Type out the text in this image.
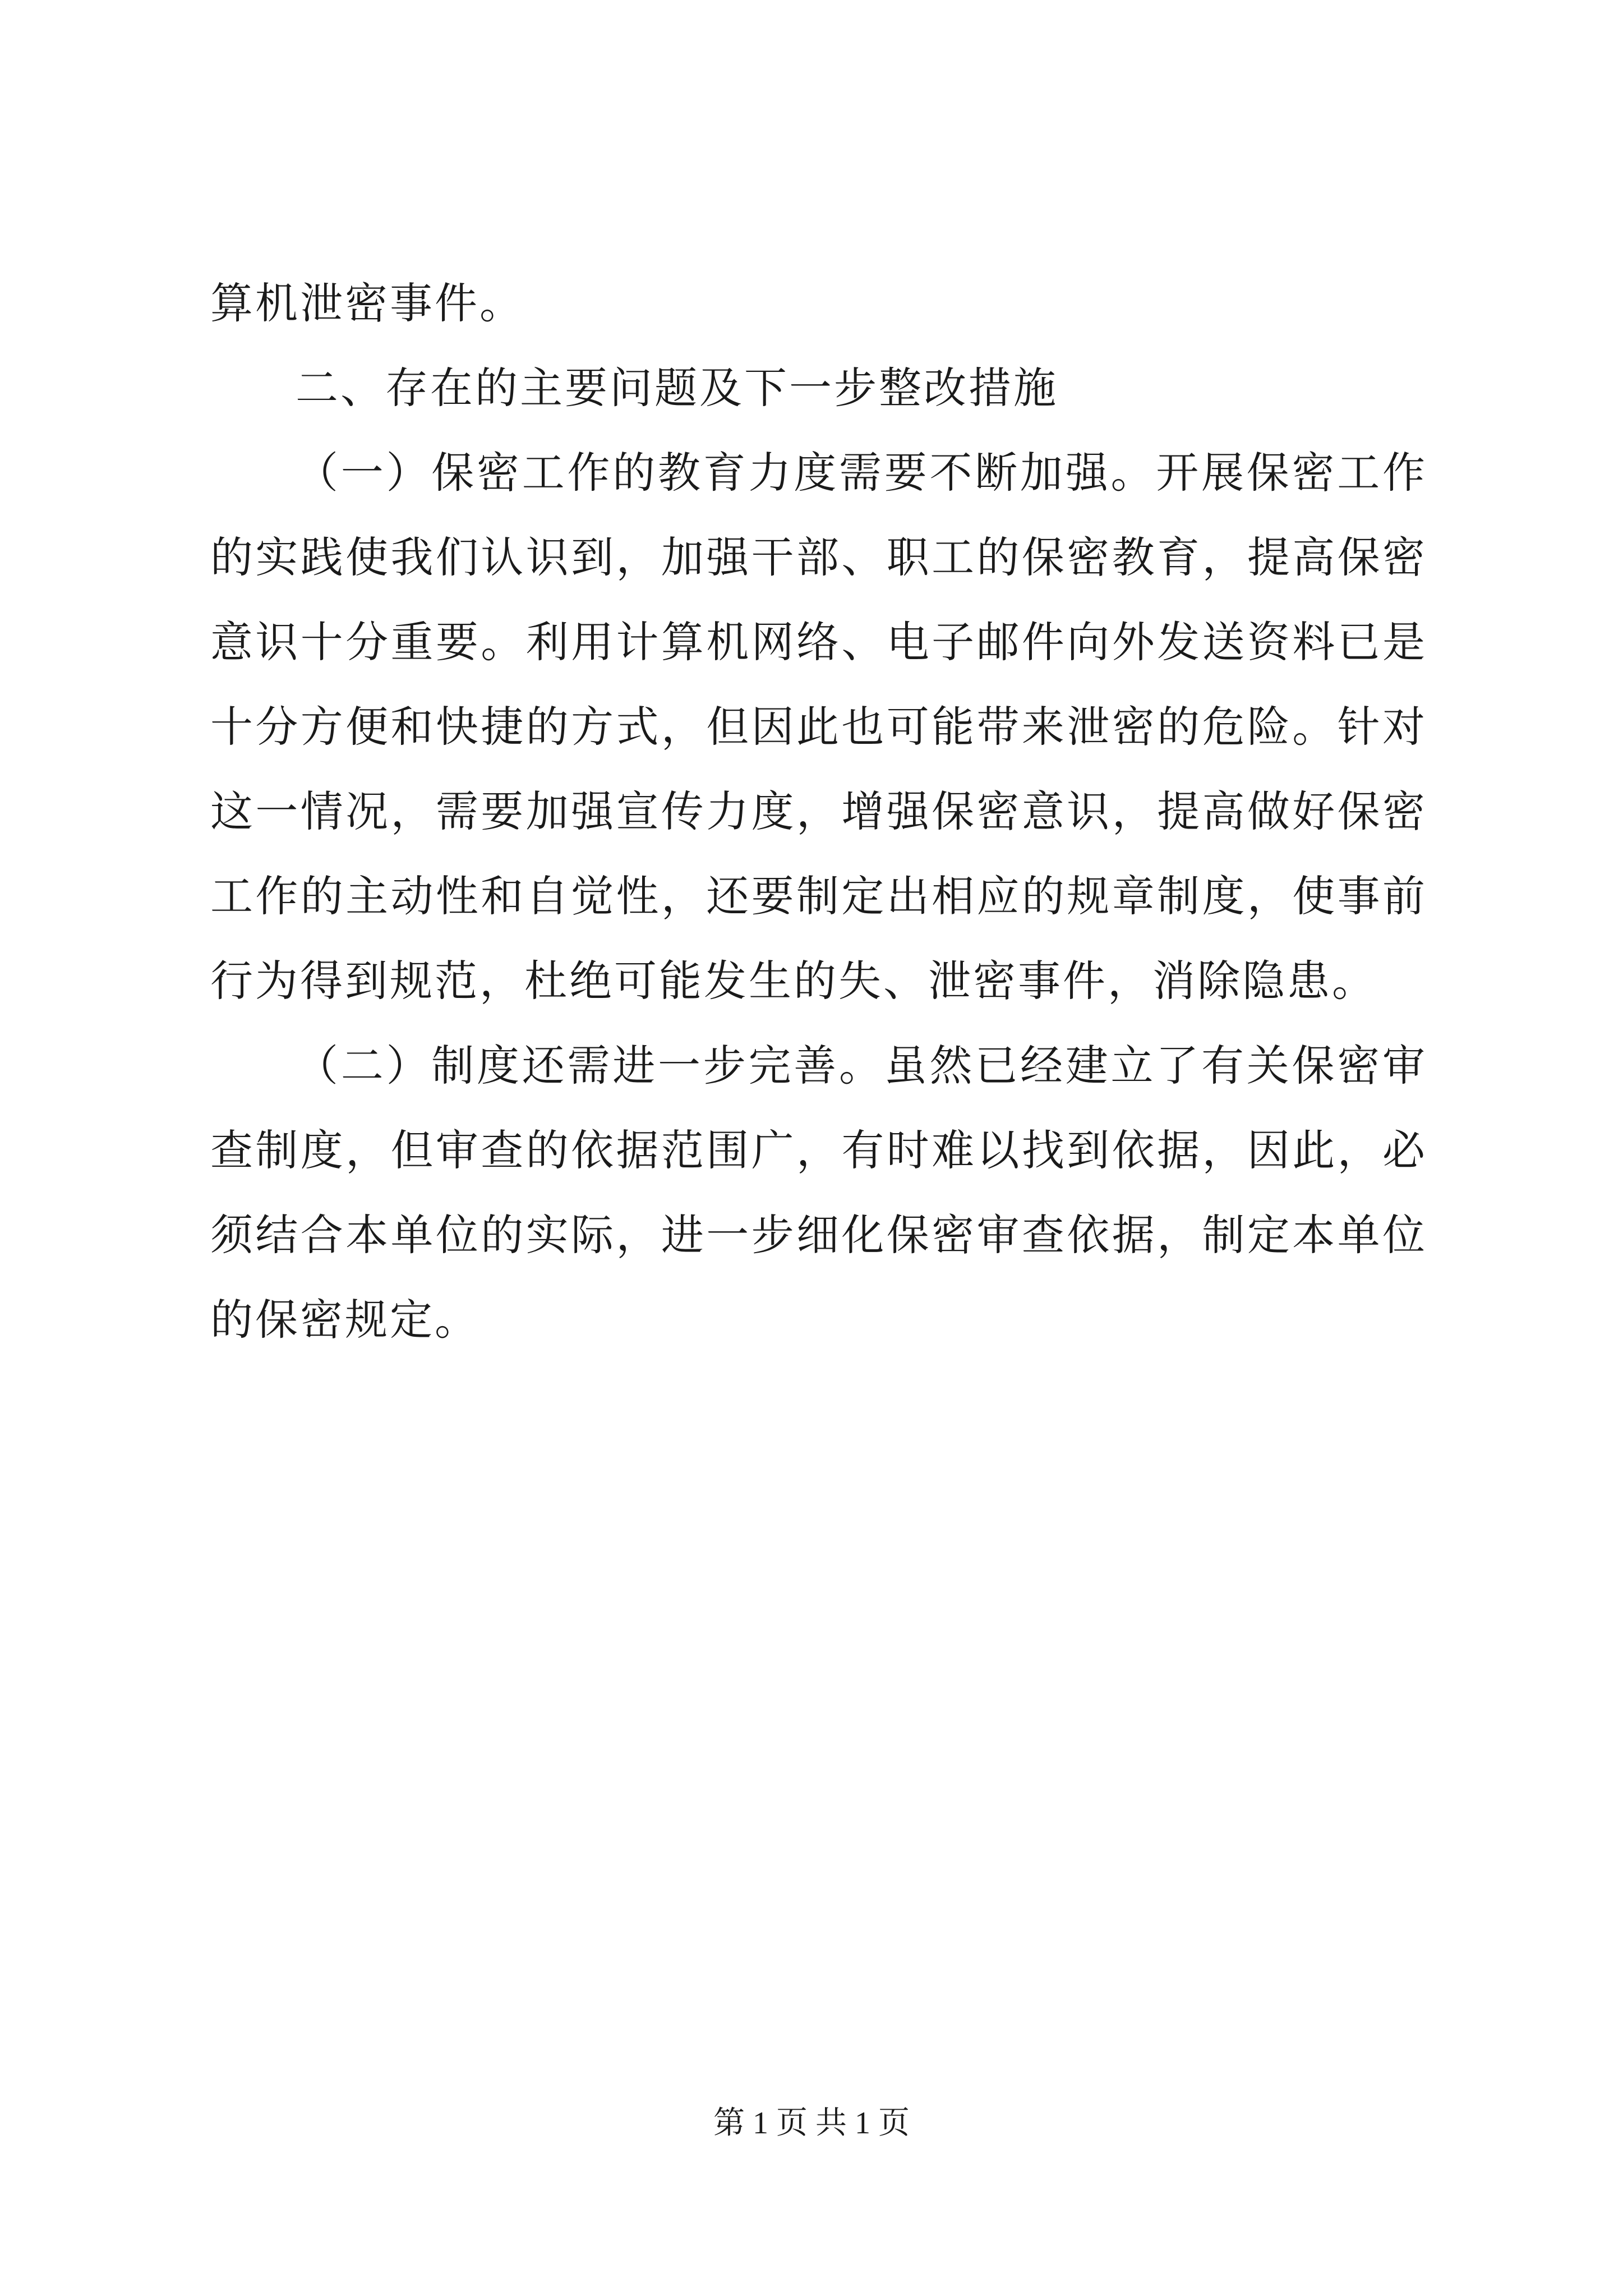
算机泄密事件。

二、存在的主要问题及下一步整改措施

（一）保密工作的教育力度需要不断加强。开展保密工作的实践使我们认识到，加强干部、职工的保密教育，提高保密意识十分重要。利用计算机网络、电子邮件向外发送资料已是十分方便和快捷的方式，但因此也可能带来泄密的危险。针对这一情况，需要加强宣传力度，增强保密意识，提高做好保密工作的主动性和自觉性，还要制定出相应的规章制度，使事前行为得到规范，杜绝可能发生的失、泄密事件，消除隐患。

（二）制度还需进一步完善。虽然已经建立了有关保密审查制度，但审查的依据范围广，有时难以找到依据，因此，必须结合本单位的实际，进一步细化保密审查依据，制定本单位的保密规定。

第 1 页 共 1 页
